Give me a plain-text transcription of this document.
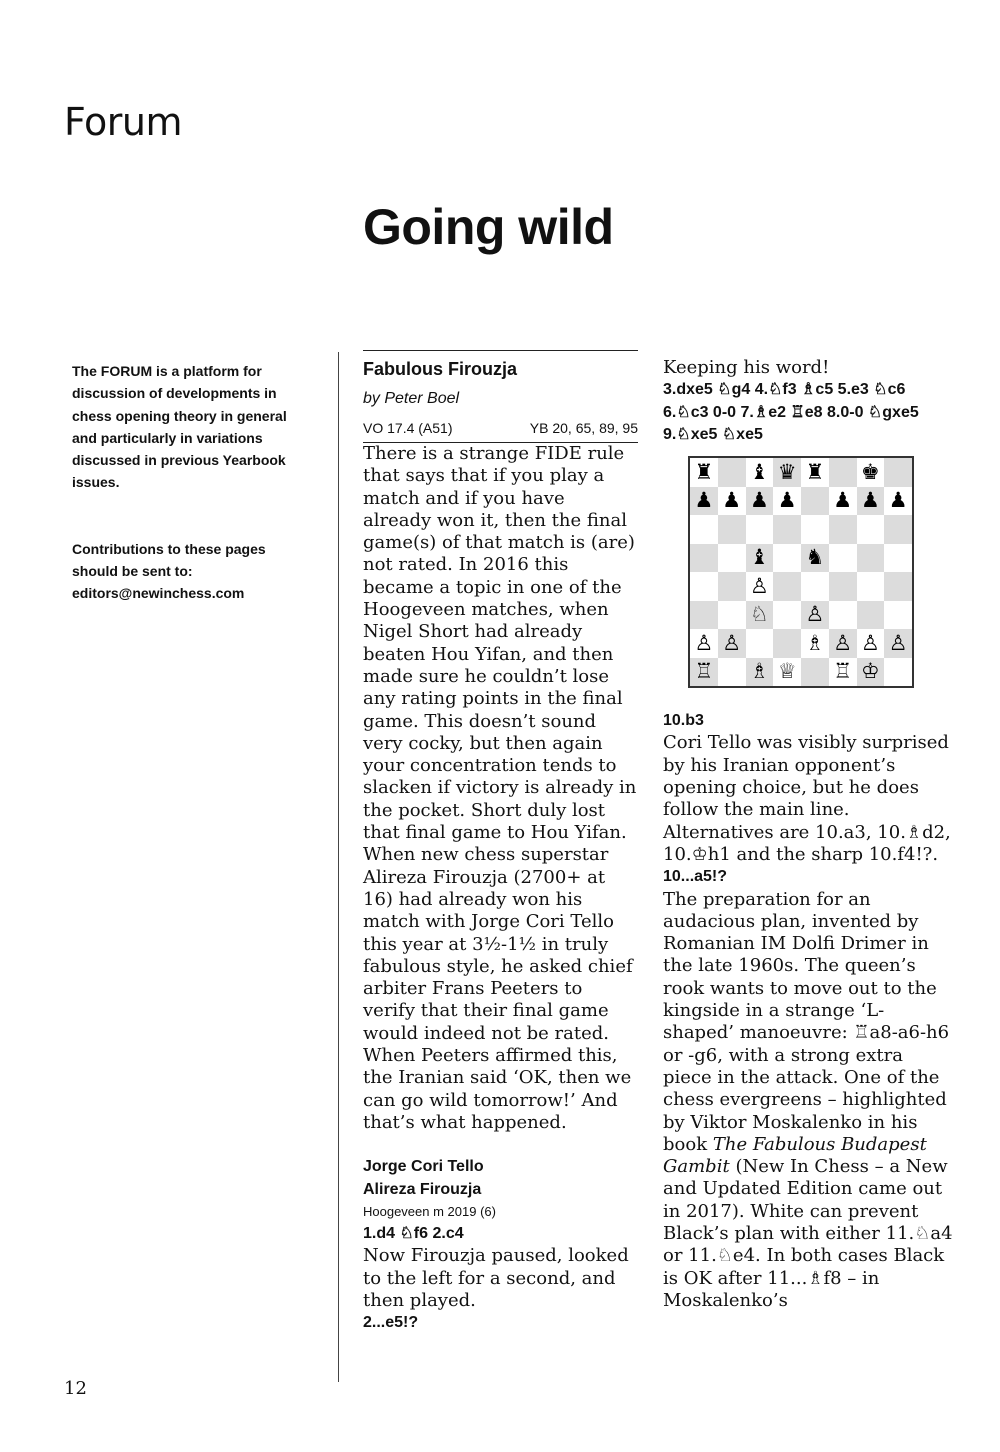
Forum
Going wild

The FORUM is a platform for discussion of developments in chess opening theory in general and particularly in variations discussed in previous Yearbook issues.

Contributions to these pages should be sent to: editors@newinchess.com

Fabulous Firouzja
by Peter Boel
VO 17.4 (A51)	YB 20, 65, 89, 95

There is a strange FIDE rule that says that if you play a match and if you have already won it, then the final game(s) of that match is (are) not rated. In 2016 this became a topic in one of the Hoogeveen matches, when Nigel Short had already beaten Hou Yifan, and then made sure he couldn’t lose any rating points in the final game. This doesn’t sound very cocky, but then again your concentration tends to slacken if victory is already in the pocket. Short duly lost that final game to Hou Yifan. When new chess superstar Alireza Firouzja (2700+ at 16) had already won his match with Jorge Cori Tello this year at 3½-1½ in truly fabulous style, he asked chief arbiter Frans Peeters to verify that their final game would indeed not be rated. When Peeters affirmed this, the Iranian said ‘OK, then we can go wild tomorrow!’ And that’s what happened.

Jorge Cori Tello
Alireza Firouzja
Hoogeveen m 2019 (6)
1.d4 ♘f6 2.c4

Now Firouzja paused, looked to the left for a second, and then played.

2...e5!?

Keeping his word!

3.dxe5 ♘g4 4.♘f3 ♗c5 5.e3 ♘c6 6.♘c3 0-0 7.♗e2 ♖e8 8.0-0 ♘gxe5 9.♘xe5 ♘xe5
♜ ♝ ♛ ♜ ♚
♟ ♟ ♟ ♟ ♟ ♟ ♟
♝ ♞
♙
♘ ♙
♙ ♙	♗ ♙ ♙ ♙
♖ ♗ ♕ ♖ ♔
10.b3

Cori Tello was visibly surprised by his Iranian opponent’s opening choice, but he does follow the main line. Alternatives are 10.a3, 10.♗d2, 10.♔h1 and the sharp 10.f4!?.

10...a5!?

The preparation for an audacious plan, invented by Romanian IM Dolfi Drimer in the late 1960s. The queen’s rook wants to move out to the kingside in a strange ‘L-shaped’ manoeuvre: ♖a8-a6-h6 or -g6, with a strong extra piece in the attack. One of the chess evergreens – highlighted by Viktor Moskalenko in his book The Fabulous Budapest Gambit (New In Chess – a New and Updated Edition came out in 2017). White can prevent Black’s plan with either 11.♘a4 or 11.♘e4. In both cases Black is OK after 11...♗f8 – in Moskalenko’s

12
